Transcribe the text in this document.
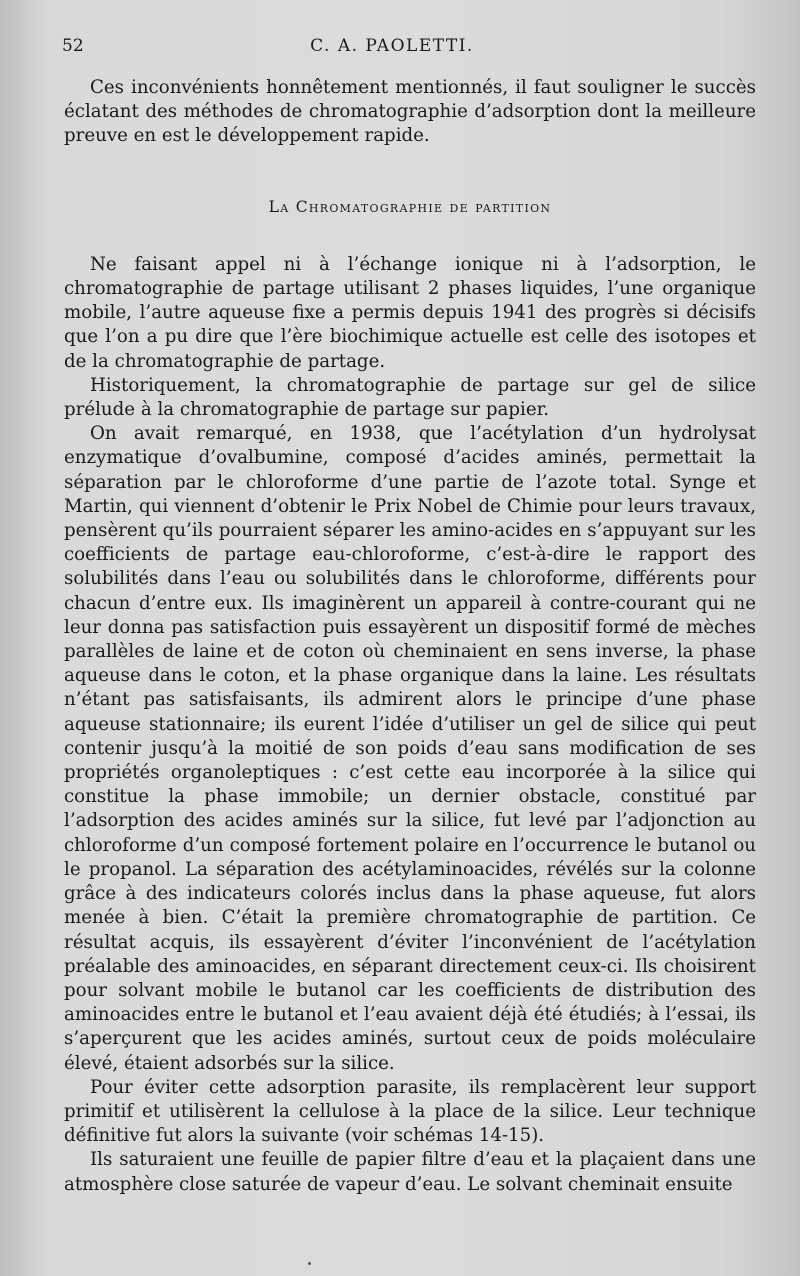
52	C. A. PAOLETTI.

Ces inconvénients honnêtement mentionnés, il faut souligner le succès éclatant des méthodes de chromatographie d’adsorption dont la meilleure preuve en est le développement rapide.

La Chromatographie de partition

Ne faisant appel ni à l’échange ionique ni à l’adsorption, le chromatographie de partage utilisant 2 phases liquides, l’une organique mobile, l’autre aqueuse fixe a permis depuis 1941 des progrès si décisifs que l’on a pu dire que l’ère biochimique actuelle est celle des isotopes et de la chromatographie de partage.

Historiquement, la chromatographie de partage sur gel de silice prélude à la chromatographie de partage sur papier.

On avait remarqué, en 1938, que l’acétylation d’un hydrolysat enzymatique d’ovalbumine, composé d’acides aminés, permettait la séparation par le chloroforme d’une partie de l’azote total. Synge et Martin, qui viennent d’obtenir le Prix Nobel de Chimie pour leurs travaux, pensèrent qu’ils pourraient séparer les amino-acides en s’appuyant sur les coefficients de partage eau-chloroforme, c’est-à-dire le rapport des solubilités dans l’eau ou solubilités dans le chloroforme, différents pour chacun d’entre eux. Ils imaginèrent un appareil à contre-courant qui ne leur donna pas satisfaction puis essayèrent un dispositif formé de mèches parallèles de laine et de coton où cheminaient en sens inverse, la phase aqueuse dans le coton, et la phase organique dans la laine. Les résultats n’étant pas satisfaisants, ils admirent alors le principe d’une phase aqueuse stationnaire; ils eurent l’idée d’utiliser un gel de silice qui peut contenir jusqu’à la moitié de son poids d’eau sans modification de ses propriétés organoleptiques : c’est cette eau incorporée à la silice qui constitue la phase immobile; un dernier obstacle, constitué par l’adsorption des acides aminés sur la silice, fut levé par l’adjonction au chloroforme d’un composé fortement polaire en l’occurrence le butanol ou le propanol. La séparation des acétylaminoacides, révélés sur la colonne grâce à des indicateurs colorés inclus dans la phase aqueuse, fut alors menée à bien. C’était la première chromatographie de partition. Ce résultat acquis, ils essayèrent d’éviter l’inconvénient de l’acétylation préalable des aminoacides, en séparant directement ceux-ci. Ils choisirent pour solvant mobile le butanol car les coefficients de distribution des aminoacides entre le butanol et l’eau avaient déjà été étudiés; à l’essai, ils s’aperçurent que les acides aminés, surtout ceux de poids moléculaire élevé, étaient adsorbés sur la silice.

Pour éviter cette adsorption parasite, ils remplacèrent leur support primitif et utilisèrent la cellulose à la place de la silice. Leur technique définitive fut alors la suivante (voir schémas 14-15).

Ils saturaient une feuille de papier filtre d’eau et la plaçaient dans une atmosphère close saturée de vapeur d’eau. Le solvant cheminait ensuite
